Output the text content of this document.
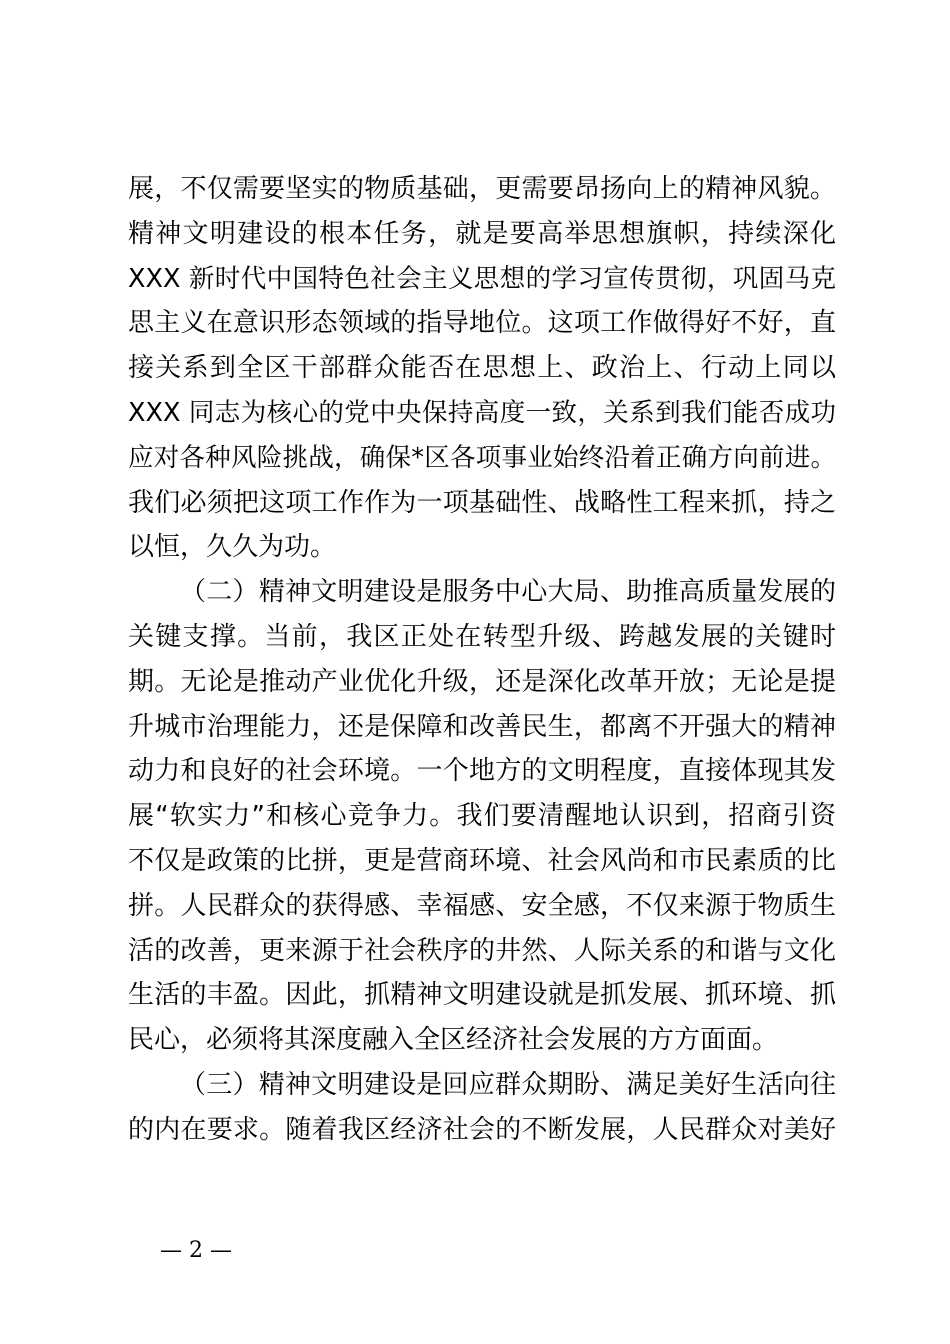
展，不仅需要坚实的物质基础，更需要昂扬向上的精神风貌。
精神文明建设的根本任务，就是要高举思想旗帜，持续深化
XXX 新时代中国特色社会主义思想的学习宣传贯彻，巩固马克
思主义在意识形态领域的指导地位。这项工作做得好不好，直
接关系到全区干部群众能否在思想上、政治上、行动上同以
XXX 同志为核心的党中央保持高度一致，关系到我们能否成功
应对各种风险挑战，确保*区各项事业始终沿着正确方向前进。
我们必须把这项工作作为一项基础性、战略性工程来抓，持之
以恒，久久为功。
（二）精神文明建设是服务中心大局、助推高质量发展的
关键支撑。当前，我区正处在转型升级、跨越发展的关键时
期。无论是推动产业优化升级，还是深化改革开放；无论是提
升城市治理能力，还是保障和改善民生，都离不开强大的精神
动力和良好的社会环境。一个地方的文明程度，直接体现其发
展“软实力”和核心竞争力。我们要清醒地认识到，招商引资
不仅是政策的比拼，更是营商环境、社会风尚和市民素质的比
拼。人民群众的获得感、幸福感、安全感，不仅来源于物质生
活的改善，更来源于社会秩序的井然、人际关系的和谐与文化
生活的丰盈。因此，抓精神文明建设就是抓发展、抓环境、抓
民心，必须将其深度融入全区经济社会发展的方方面面。
（三）精神文明建设是回应群众期盼、满足美好生活向往
的内在要求。随着我区经济社会的不断发展，人民群众对美好
— 2 —
